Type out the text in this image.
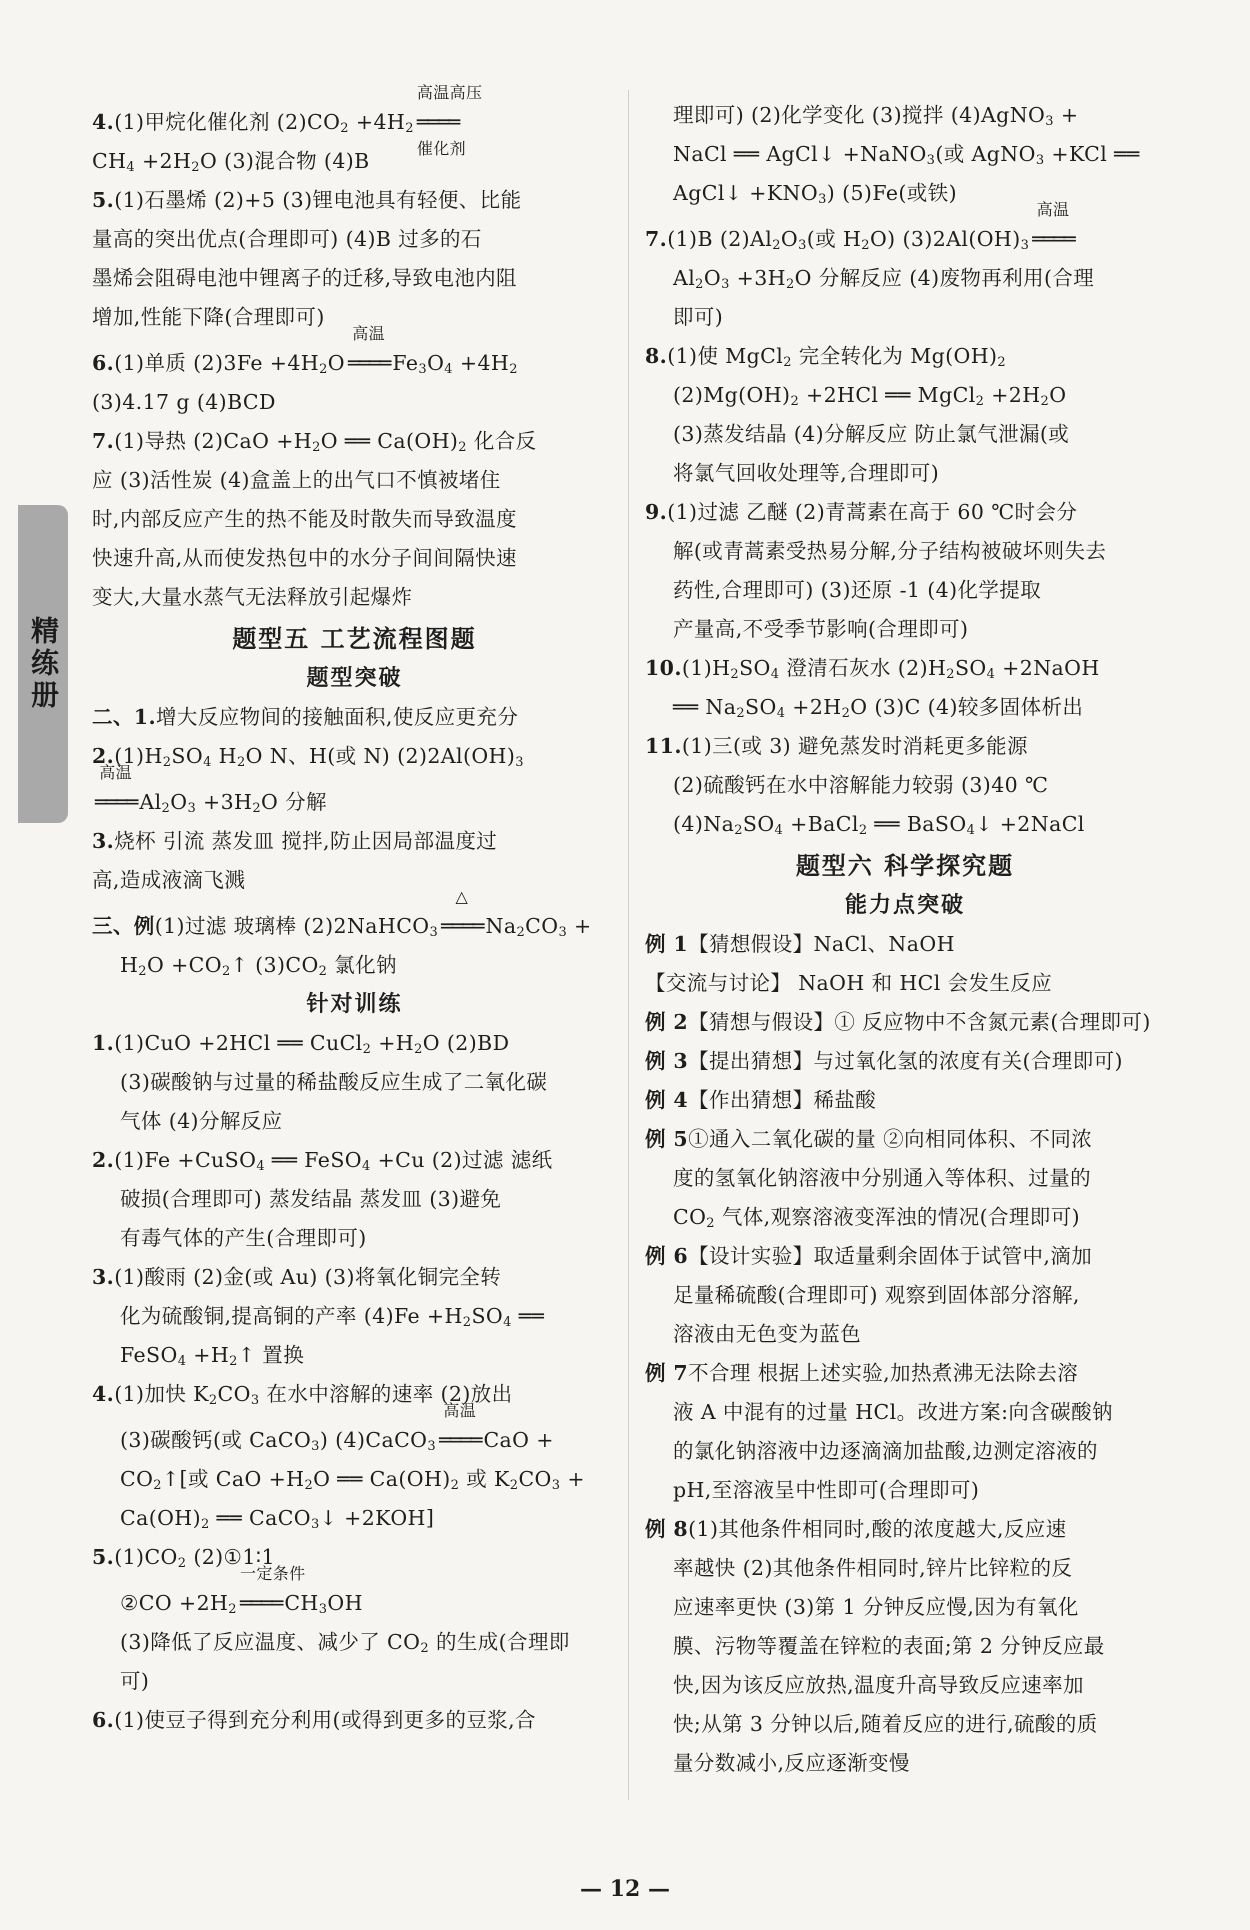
精练册
4.(1)甲烷化催化剂 $(2)CO_2 +4H_2$
高温高压
════
催化剂
$CH_4 +2H_2O$ (3)混合物 (4)B
5.(1)石墨烯 (2)+5 (3)锂电池具有轻便、比能
量高的突出优点(合理即可) (4)B 过多的石
墨烯会阻碍电池中锂离子的迁移,导致电池内阻
增加,性能下降(合理即可)
6.(1)单质 $(2)3Fe +4H_2O$
高温
════ $Fe_3O_4 +4H_2$
(3)4.17 g (4)BCD
7.(1)导热 $(2)CaO +H_2O$ ══ $Ca(OH)_2$ 化合反
应 (3)活性炭 (4)盒盖上的出气口不慎被堵住
时,内部反应产生的热不能及时散失而导致温度
快速升高,从而使发热包中的水分子间间隔快速
变大,大量水蒸气无法释放引起爆炸
题型五 工艺流程图题
题型突破
二、1.增大反应物间的接触面积,使反应更充分
$2.(1)H_2SO_4$ $H_2O$ N、H(或 N) $(2)2Al(OH)_3$
高温
════ $Al_2O_3 +3H_2O$ 分解
3.烧杯 引流 蒸发皿 搅拌,防止因局部温度过
高,造成液滴飞溅
三、例(1)过滤 玻璃棒 (2)2NaHCO$_3$
△
════ $Na_2CO_3$ +
$H_2O$ $+CO_2↑$ $(3)CO_2$ 氯化钠
针对训练
1.(1)CuO +2HCl ══ CuCl$_2$ $+H_2O$ (2)BD
(3)碳酸钠与过量的稀盐酸反应生成了二氧化碳
气体 (4)分解反应
2.(1)Fe +CuSO$_4$ ══ FeSO$_4$ +Cu (2)过滤 滤纸
破损(合理即可) 蒸发结晶 蒸发皿 (3)避免
有毒气体的产生(合理即可)
3.(1)酸雨 (2)金(或 Au) (3)将氧化铜完全转
化为硫酸铜,提高铜的产率 $(4)Fe +H_2SO_4$ ══
FeSO$_4$ $+H_2↑$ 置换
4.(1)加快 $K_2CO_3$ 在水中溶解的速率 (2)放出
(3)碳酸钙(或 CaCO$_3$) (4)CaCO$_3$
高温
════ CaO +
$CO_2↑$[或 CaO $+H_2O$ ══ $Ca(OH)_2$ 或 $K_2CO_3$ +
$Ca(OH)_2$ ══ CaCO$_3$↓ +2KOH]
$5.(1)CO_2$ (2)①1∶1
②CO $+2H_2$
一定条件
════ $CH_3OH$
(3)降低了反应温度、减少了 $CO_2$ 的生成(合理即
可)
6.(1)使豆子得到充分利用(或得到更多的豆浆,合
理即可) (2)化学变化 (3)搅拌 (4)AgNO$_3$ +
NaCl ══ AgCl↓ +NaNO$_3$(或 AgNO$_3$ +KCl ══
AgCl↓ $+KNO_3$) (5)Fe(或铁)
7.(1)B $(2)Al_2O_3$(或 $H_2O$) $(3)2Al(OH)_3$
高温
════
$Al_2O_3 +3H_2O$ 分解反应 (4)废物再利用(合理
即可)
8.(1)使 MgCl$_2$ 完全转化为 $Mg(OH)_2$
$(2)Mg(OH)_2 +2HCl$ ══ MgCl$_2$ $+2H_2O$
(3)蒸发结晶 (4)分解反应 防止氯气泄漏(或
将氯气回收处理等,合理即可)
9.(1)过滤 乙醚 (2)青蒿素在高于 60 ℃时会分
解(或青蒿素受热易分解,分子结构被破坏则失去
药性,合理即可) (3)还原 -1 (4)化学提取
产量高,不受季节影响(合理即可)
$10.(1)H_2SO_4$ 澄清石灰水 $(2)H_2SO_4$ +2NaOH
══ $Na_2SO_4 +2H_2O$ (3)C (4)较多固体析出
11.(1)三(或 3) 避免蒸发时消耗更多能源
(2)硫酸钙在水中溶解能力较弱 (3)40 ℃
$(4)Na_2SO_4$ +BaCl$_2$ ══ BaSO$_4$↓ +2NaCl
题型六 科学探究题
能力点突破
例 1【猜想假设】NaCl、NaOH
【交流与讨论】 NaOH 和 HCl 会发生反应
例 2【猜想与假设】① 反应物中不含氮元素(合理即可)
例 3【提出猜想】与过氧化氢的浓度有关(合理即可)
例 4【作出猜想】稀盐酸
例 5①通入二氧化碳的量 ②向相同体积、不同浓
度的氢氧化钠溶液中分别通入等体积、过量的
$CO_2$ 气体,观察溶液变浑浊的情况(合理即可)
例 6【设计实验】取适量剩余固体于试管中,滴加
足量稀硫酸(合理即可) 观察到固体部分溶解,
溶液由无色变为蓝色
例 7不合理 根据上述实验,加热煮沸无法除去溶
液 A 中混有的过量 HCl。改进方案:向含碳酸钠
的氯化钠溶液中边逐滴滴加盐酸,边测定溶液的
pH,至溶液呈中性即可(合理即可)
例 8(1)其他条件相同时,酸的浓度越大,反应速
率越快 (2)其他条件相同时,锌片比锌粒的反
应速率更快 (3)第 1 分钟反应慢,因为有氧化
膜、污物等覆盖在锌粒的表面;第 2 分钟反应最
快,因为该反应放热,温度升高导致反应速率加
快;从第 3 分钟以后,随着反应的进行,硫酸的质
量分数减小,反应逐渐变慢
— 12 —
